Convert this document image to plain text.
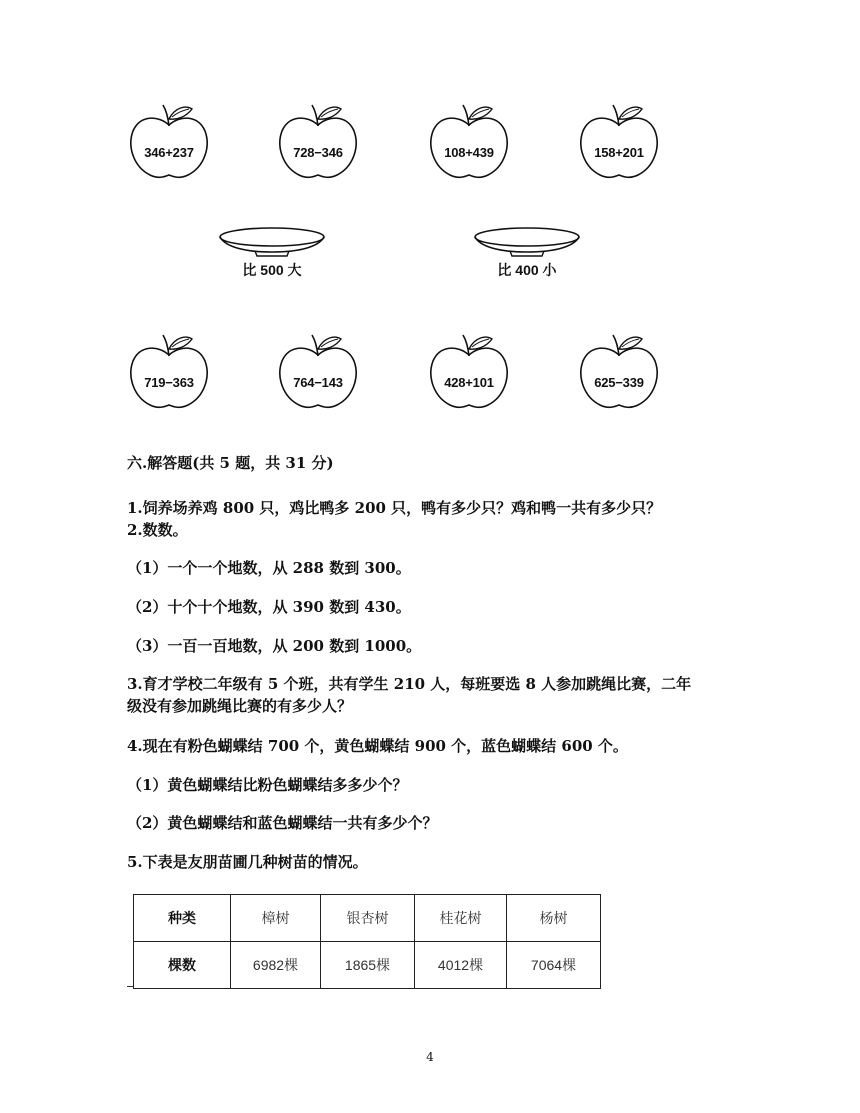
346+237	728−346	108+439	158+201
比 500 大	比 400 小
719−363	764−143	428+101	625−339
六.解答题(共 5 题，共 31 分)
1.饲养场养鸡 800 只，鸡比鸭多 200 只，鸭有多少只？鸡和鸭一共有多少只？
2.数数。
（1）一个一个地数，从 288 数到 300。
（2）十个十个地数，从 390 数到 430。
（3）一百一百地数，从 200 数到 1000。
3.育才学校二年级有 5 个班，共有学生 210 人，每班要选 8 人参加跳绳比赛，二年
级没有参加跳绳比赛的有多少人？
4.现在有粉色蝴蝶结 700 个，黄色蝴蝶结 900 个，蓝色蝴蝶结 600 个。
（1）黄色蝴蝶结比粉色蝴蝶结多多少个？
（2）黄色蝴蝶结和蓝色蝴蝶结一共有多少个？
5.下表是友朋苗圃几种树苗的情况。
种类	樟树	银杏树	桂花树	杨树
棵数	6982棵	1865棵	4012棵	7064棵
4
